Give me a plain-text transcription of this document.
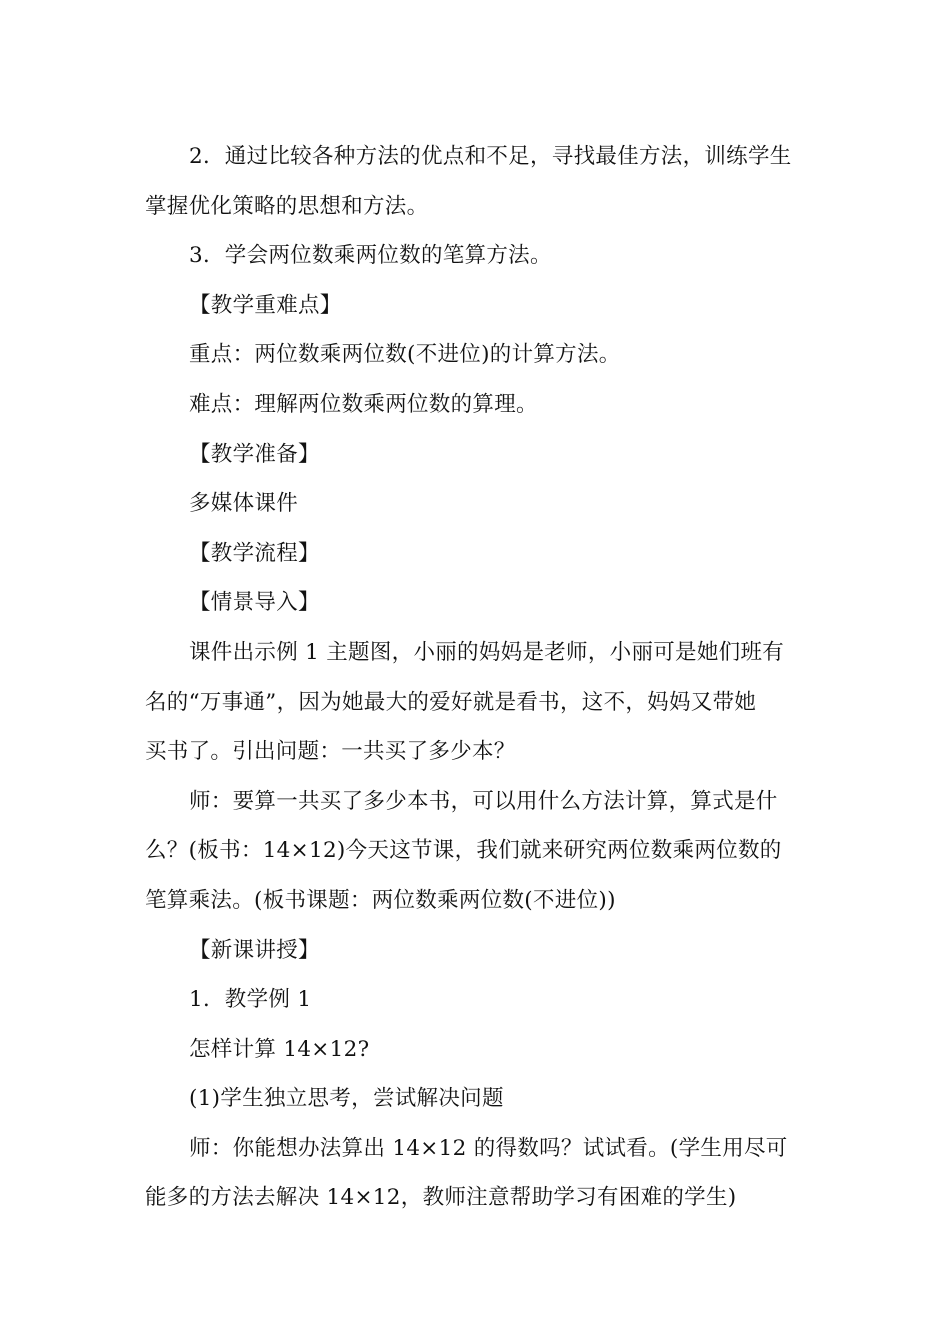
2．通过比较各种方法的优点和不足，寻找最佳方法，训练学生
掌握优化策略的思想和方法。
3．学会两位数乘两位数的笔算方法。
【教学重难点】
重点：两位数乘两位数(不进位)的计算方法。
难点：理解两位数乘两位数的算理。
【教学准备】
多媒体课件
【教学流程】
【情景导入】
课件出示例 1 主题图，小丽的妈妈是老师，小丽可是她们班有
名的“万事通”，因为她最大的爱好就是看书，这不，妈妈又带她
买书了。引出问题：一共买了多少本？
师：要算一共买了多少本书，可以用什么方法计算，算式是什
么？(板书：14×12)今天这节课，我们就来研究两位数乘两位数的
笔算乘法。(板书课题：两位数乘两位数(不进位))
【新课讲授】
1．教学例 1
怎样计算 14×12?
(1)学生独立思考，尝试解决问题
师：你能想办法算出 14×12 的得数吗？试试看。(学生用尽可
能多的方法去解决 14×12，教师注意帮助学习有困难的学生)
